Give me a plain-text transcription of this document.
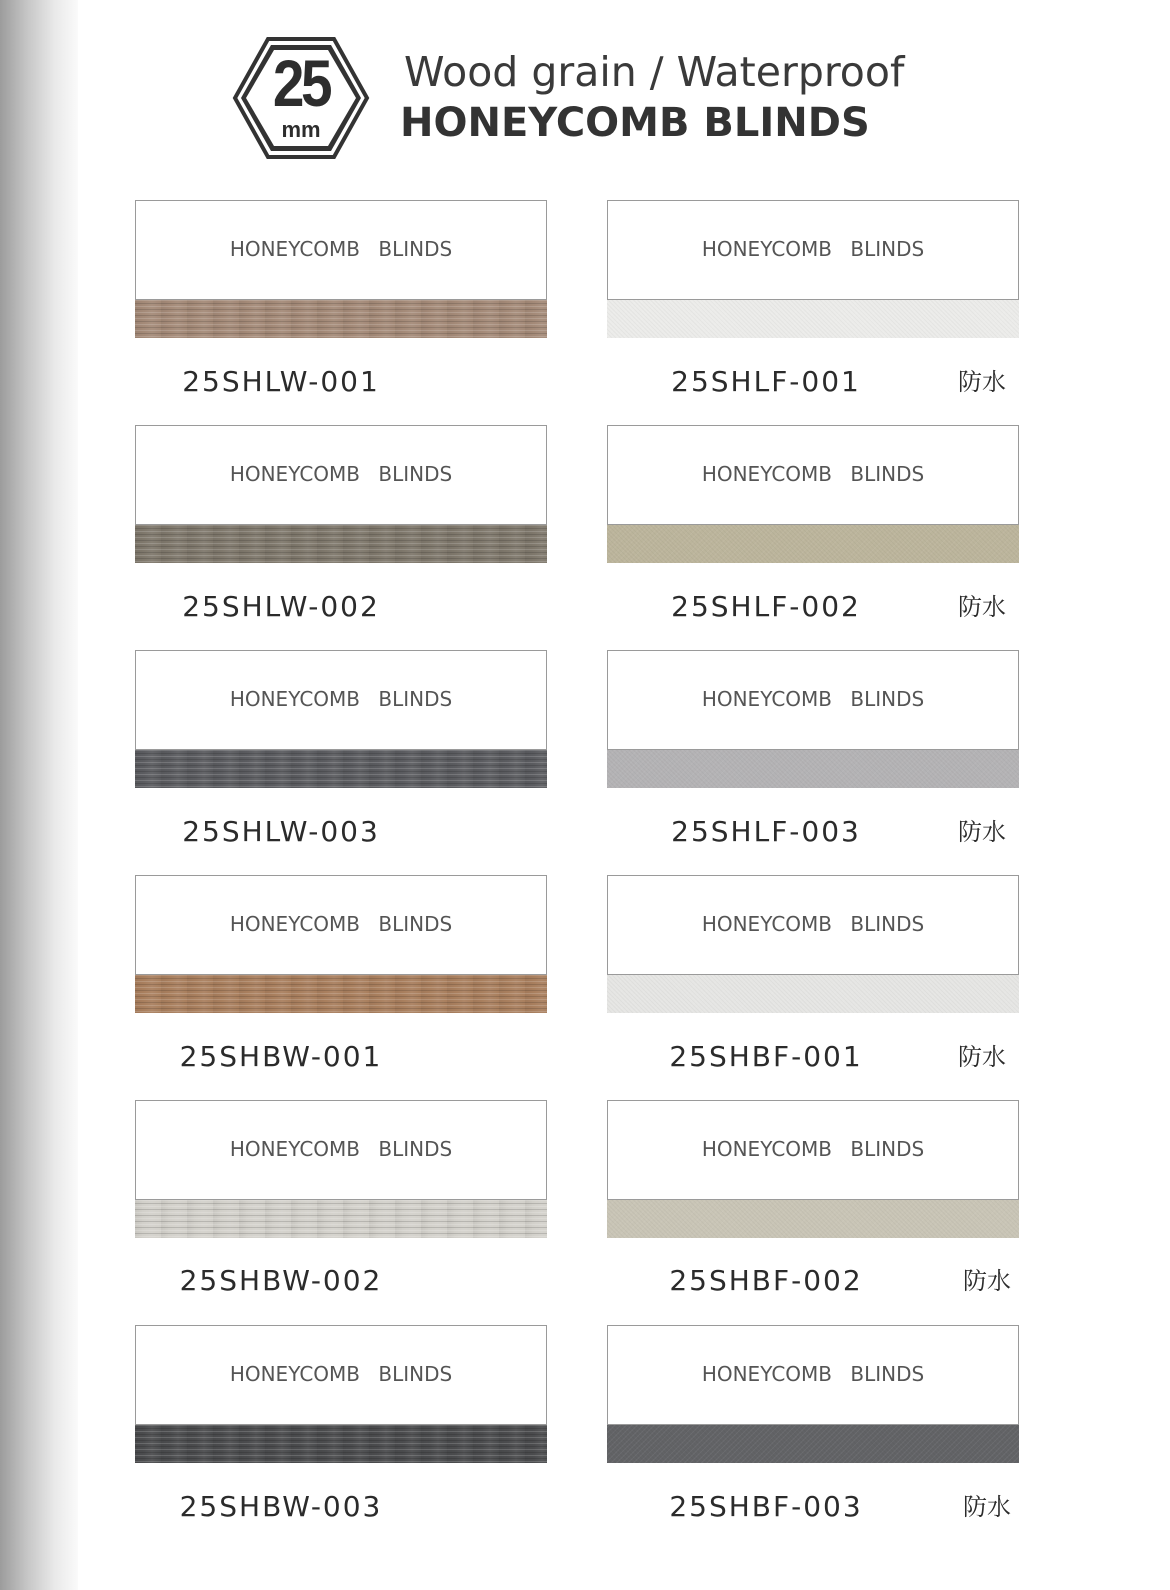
25
mm
Wood grain / Waterproof
HONEYCOMB BLINDS
HONEYCOMB BLINDS
25SHLW-001
HONEYCOMB BLINDS
25SHLW-002
HONEYCOMB BLINDS
25SHLW-003
HONEYCOMB BLINDS
25SHBW-001
HONEYCOMB BLINDS
25SHBW-002
HONEYCOMB BLINDS
25SHBW-003
HONEYCOMB BLINDS
25SHLF-001	防水
HONEYCOMB BLINDS
25SHLF-002	防水
HONEYCOMB BLINDS
25SHLF-003	防水
HONEYCOMB BLINDS
25SHBF-001	防水
HONEYCOMB BLINDS
25SHBF-002	防水
HONEYCOMB BLINDS
25SHBF-003	防水
